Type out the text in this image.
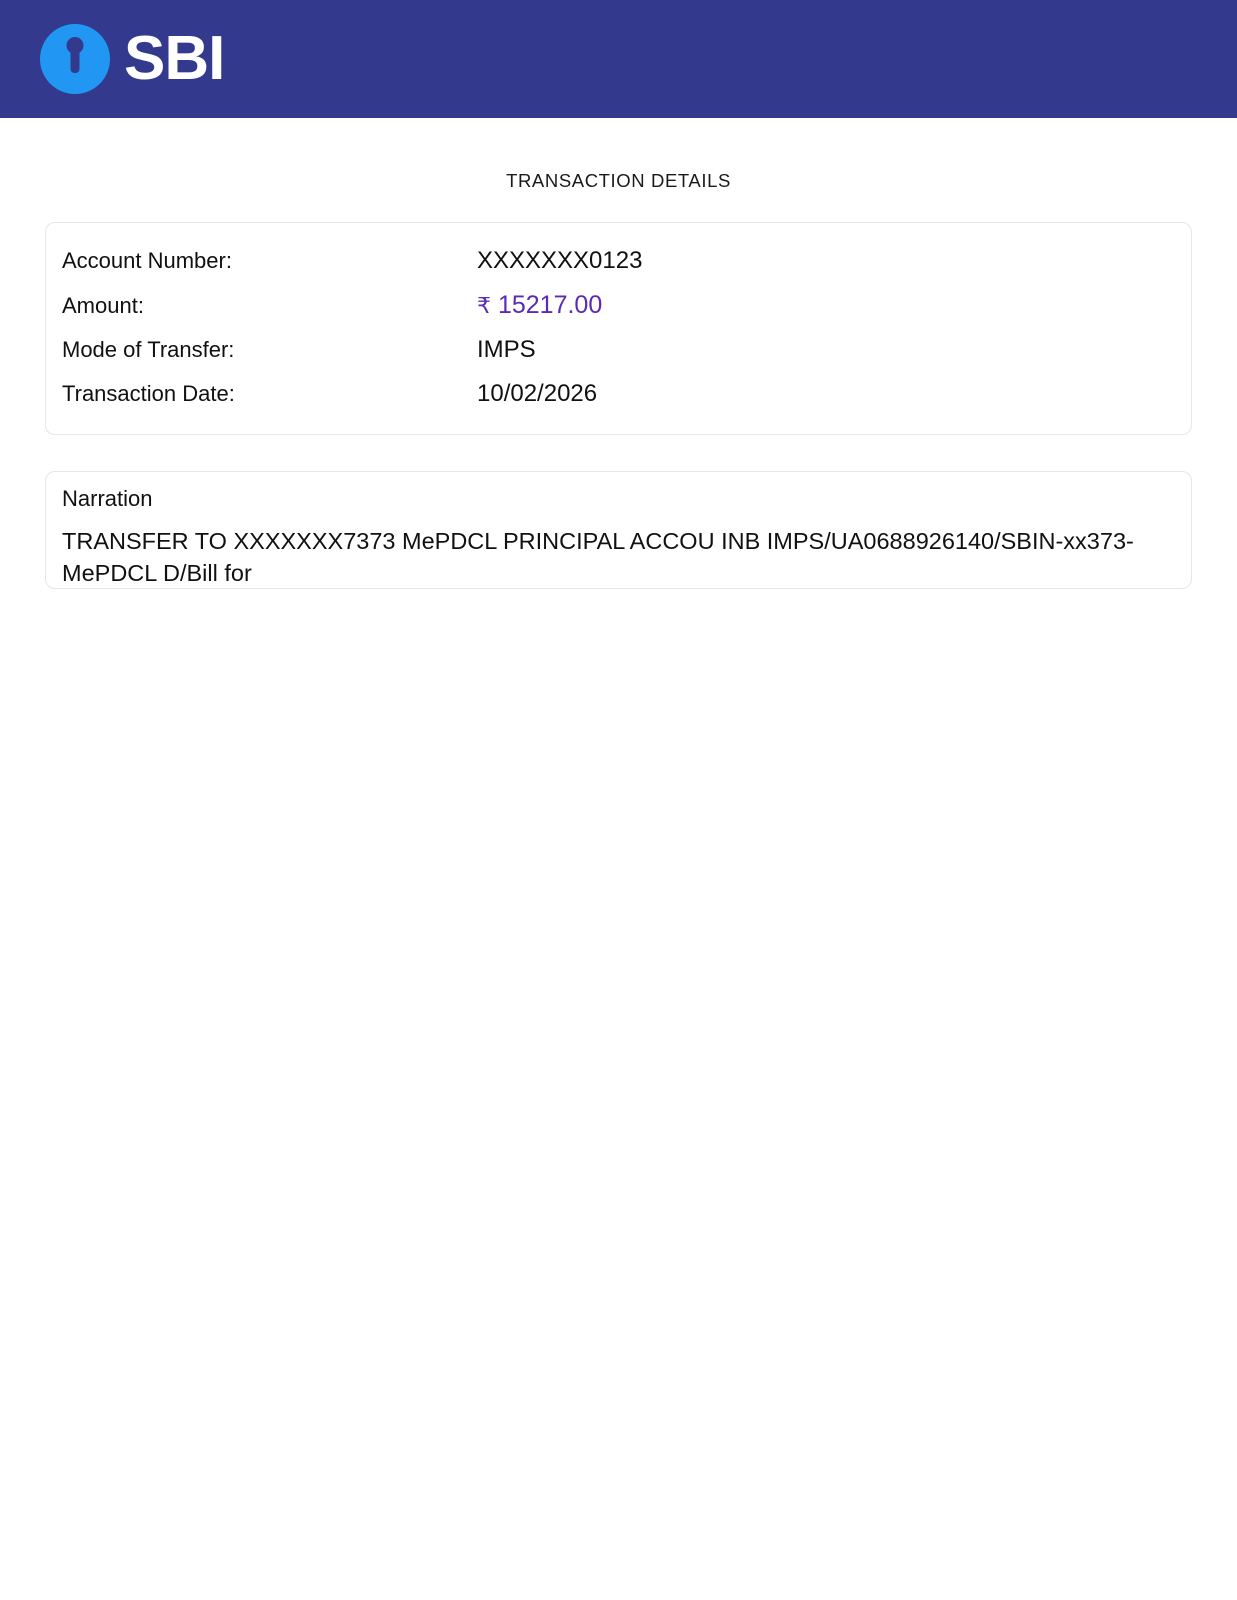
SBI
TRANSACTION DETAILS
Account Number:	XXXXXXX0123
Amount:	₹ 15217.00
Mode of Transfer:	IMPS
Transaction Date:	10/02/2026
Narration
TRANSFER TO XXXXXXX7373 MePDCL PRINCIPAL ACCOU INB IMPS/UA0688926140/SBIN-xx373-MePDCL D/Bill for
